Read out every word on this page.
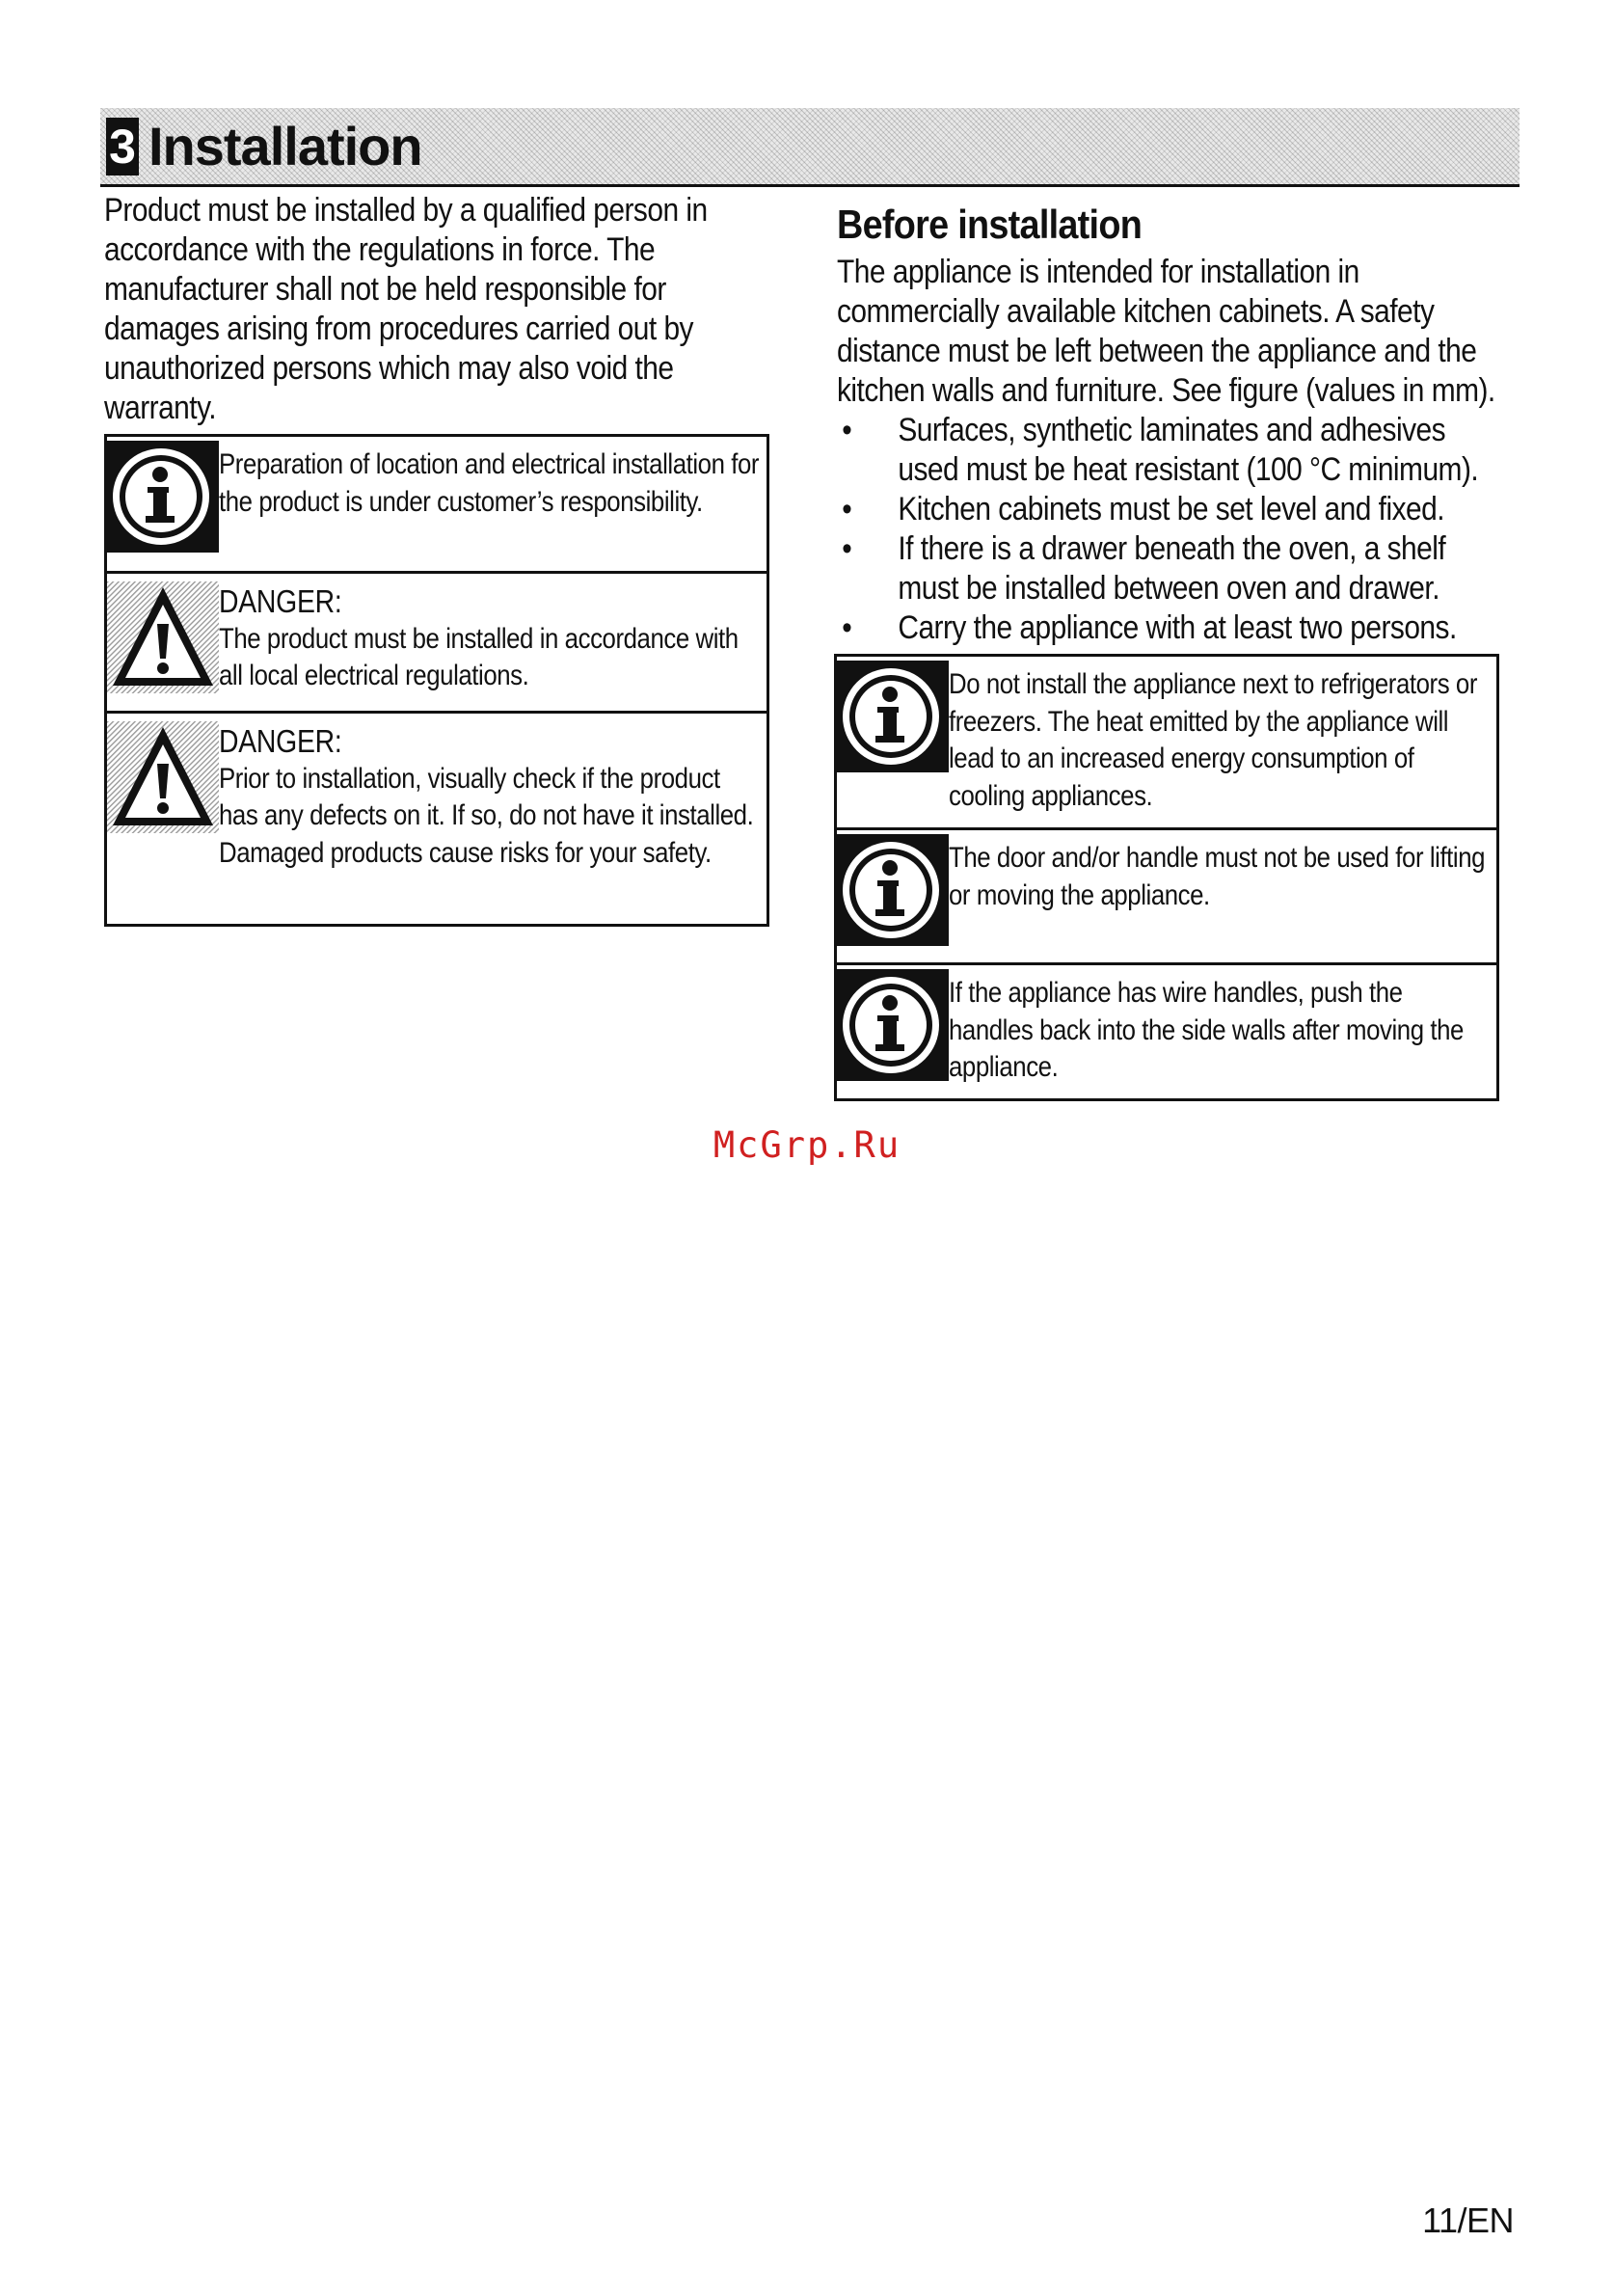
3 Installation

Product must be installed by a qualified person in accordance with the regulations in force. The manufacturer shall not be held responsible for damages arising from procedures carried out by unauthorized persons which may also void the warranty.

Preparation of location and electrical installation for the product is under customer’s responsibility.
DANGER:
The product must be installed in accordance with all local electrical regulations.
DANGER:
Prior to installation, visually check if the product has any defects on it. If so, do not have it installed.
Damaged products cause risks for your safety.
Before installation

The appliance is intended for installation in commercially available kitchen cabinets. A safety distance must be left between the appliance and the kitchen walls and furniture. See figure (values in mm).

• Surfaces, synthetic laminates and adhesives used must be heat resistant (100 °C minimum).
• Kitchen cabinets must be set level and fixed.
• If there is a drawer beneath the oven, a shelf must be installed between oven and drawer.
• Carry the appliance with at least two persons.
Do not install the appliance next to refrigerators or freezers. The heat emitted by the appliance will lead to an increased energy consumption of cooling appliances.
The door and/or handle must not be used for lifting or moving the appliance.
If the appliance has wire handles, push the handles back into the side walls after moving the appliance.
McGrp.Ru
11/EN
